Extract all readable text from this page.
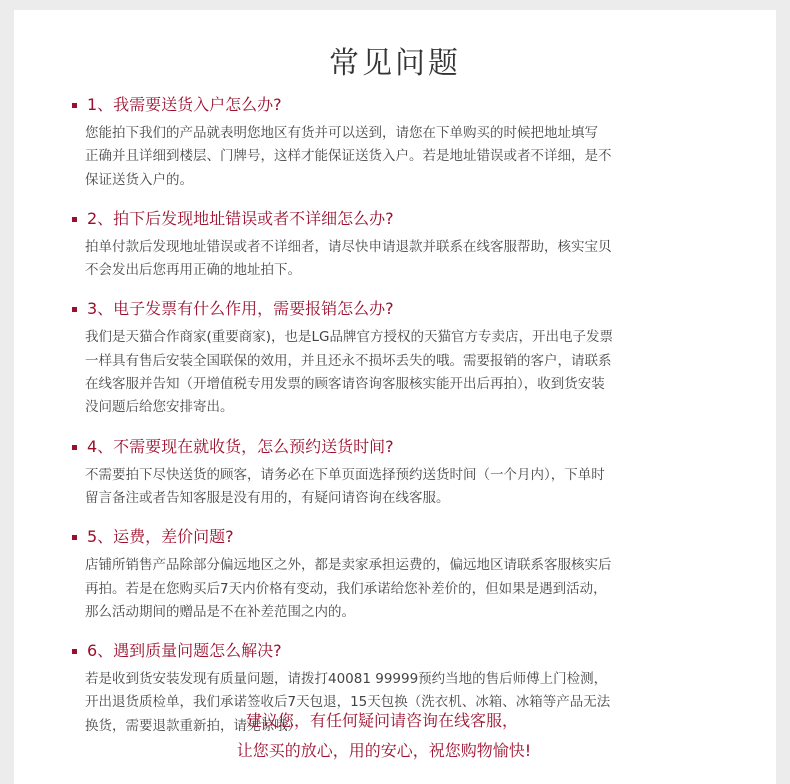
常见问题
1、我需要送货入户怎么办?
您能拍下我们的产品就表明您地区有货并可以送到，请您在下单购买的时候把地址填写
正确并且详细到楼层、门牌号，这样才能保证送货入户。若是地址错误或者不详细，是不
保证送货入户的。
2、拍下后发现地址错误或者不详细怎么办?
拍单付款后发现地址错误或者不详细者，请尽快申请退款并联系在线客服帮助，核实宝贝
不会发出后您再用正确的地址拍下。
3、电子发票有什么作用，需要报销怎么办?
我们是天猫合作商家(重要商家)，也是LG品牌官方授权的天猫官方专卖店，开出电子发票
一样具有售后安装全国联保的效用，并且还永不损坏丢失的哦。需要报销的客户，请联系
在线客服并告知（开增值税专用发票的顾客请咨询客服核实能开出后再拍），收到货安装
没问题后给您安排寄出。
4、不需要现在就收货，怎么预约送货时间?
不需要拍下尽快送货的顾客，请务必在下单页面选择预约送货时间（一个月内），下单时
留言备注或者告知客服是没有用的，有疑问请咨询在线客服。
5、运费，差价问题?
店铺所销售产品除部分偏远地区之外，都是卖家承担运费的，偏远地区请联系客服核实后
再拍。若是在您购买后7天内价格有变动，我们承诺给您补差价的，但如果是遇到活动，
那么活动期间的赠品是不在补差范围之内的。
6、遇到质量问题怎么解决?
若是收到货安装发现有质量问题，请拨打40081 99999预约当地的售后师傅上门检测，
开出退货质检单，我们承诺签收后7天包退，15天包换（洗衣机、冰箱、冰箱等产品无法
换货，需要退款重新拍，请见谅哦）
建议您，有任何疑问请咨询在线客服，
让您买的放心，用的安心，祝您购物愉快!
